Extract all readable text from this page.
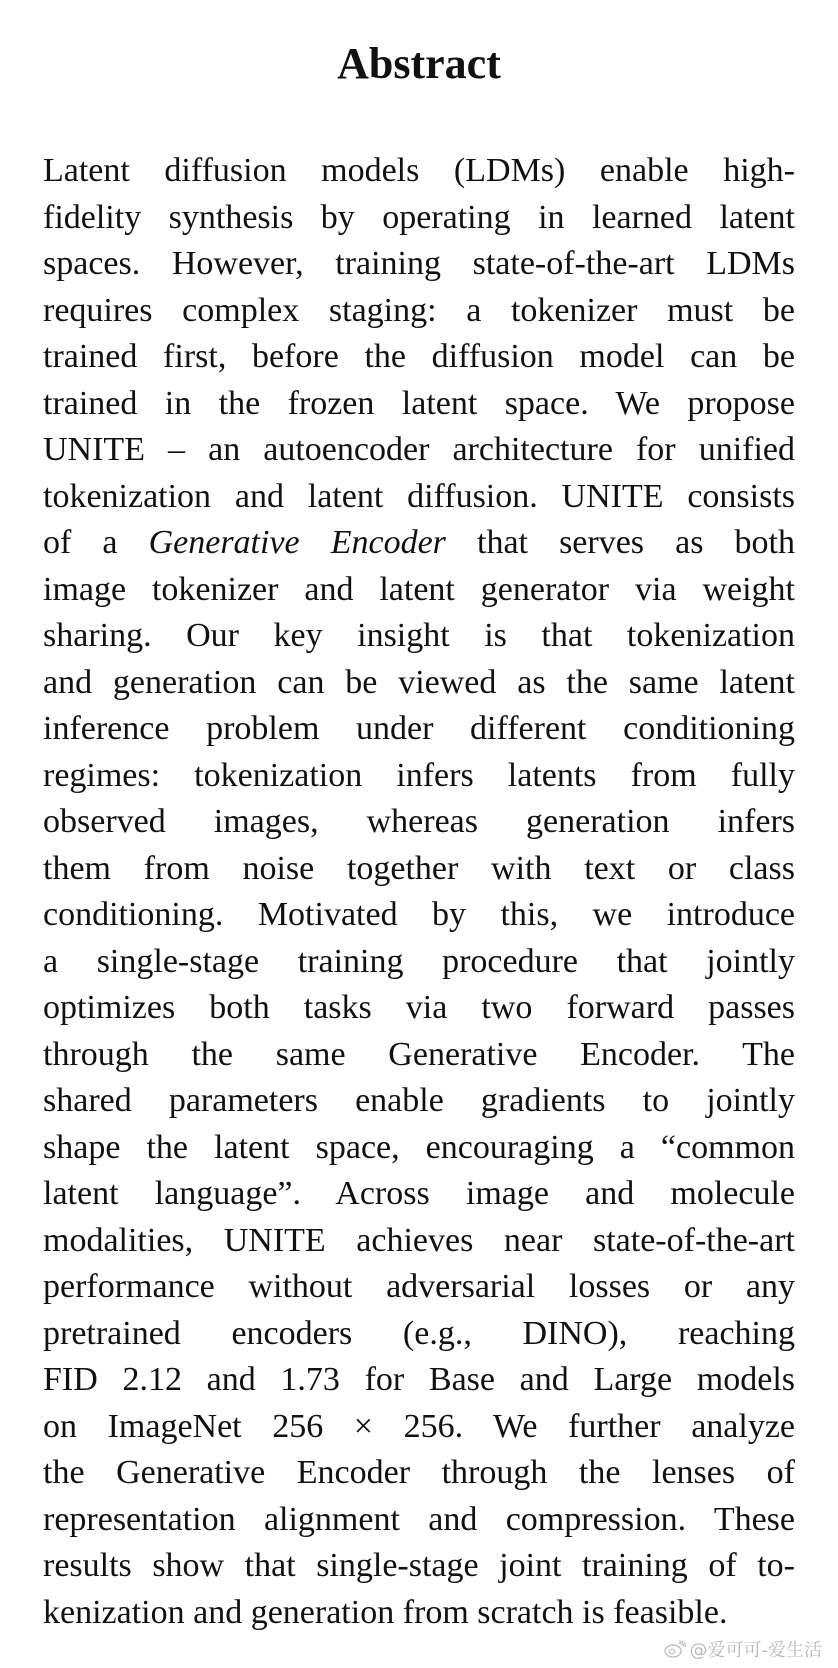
Abstract
Latent diffusion models (LDMs) enable high-
fidelity synthesis by operating in learned latent
spaces. However, training state-of-the-art LDMs
requires complex staging: a tokenizer must be
trained first, before the diffusion model can be
trained in the frozen latent space. We propose
UNITE – an autoencoder architecture for unified
tokenization and latent diffusion. UNITE consists
of a Generative Encoder that serves as both
image tokenizer and latent generator via weight
sharing. Our key insight is that tokenization
and generation can be viewed as the same latent
inference problem under different conditioning
regimes: tokenization infers latents from fully
observed images, whereas generation infers
them from noise together with text or class
conditioning. Motivated by this, we introduce
a single-stage training procedure that jointly
optimizes both tasks via two forward passes
through the same Generative Encoder. The
shared parameters enable gradients to jointly
shape the latent space, encouraging a “common
latent language”. Across image and molecule
modalities, UNITE achieves near state-of-the-art
performance without adversarial losses or any
pretrained encoders (e.g., DINO), reaching
FID 2.12 and 1.73 for Base and Large models
on ImageNet 256 × 256. We further analyze
the Generative Encoder through the lenses of
representation alignment and compression. These
results show that single-stage joint training of to-
kenization and generation from scratch is feasible.
@爱可可-爱生活
